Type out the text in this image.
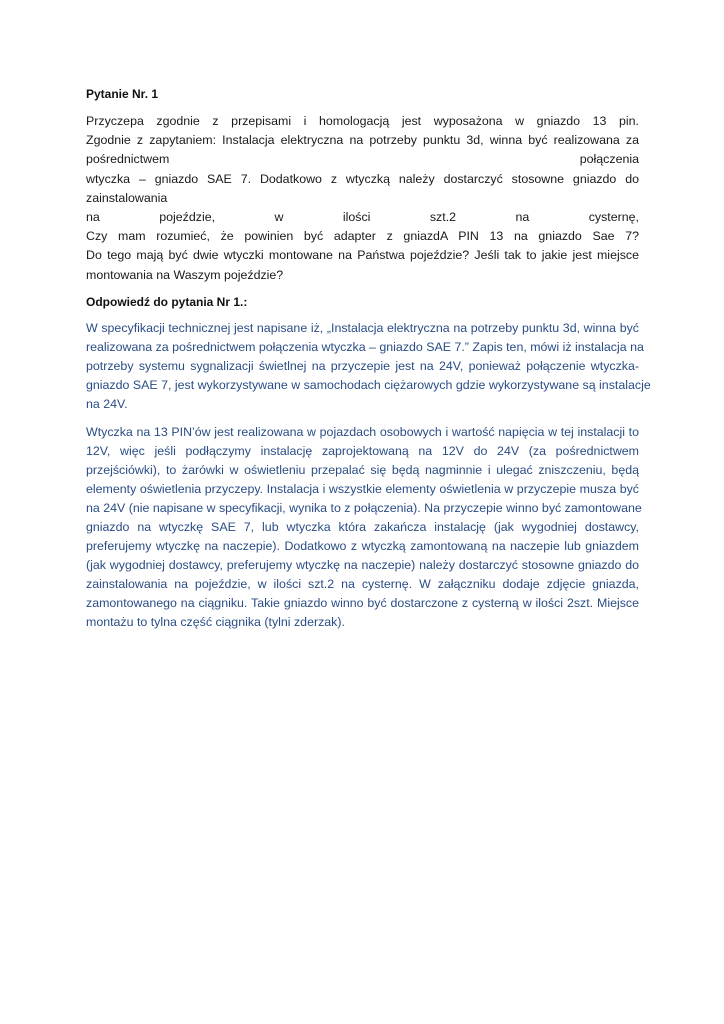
Pytanie Nr. 1
Przyczepa zgodnie z przepisami i homologacją jest wyposażona w gniazdo 13 pin.
Zgodnie z zapytaniem: Instalacja elektryczna na potrzeby punktu 3d, winna być realizowana za
pośrednictwem połączenia
wtyczka – gniazdo SAE 7. Dodatkowo z wtyczką należy dostarczyć stosowne gniazdo do
zainstalowania
na pojeździe, w ilości szt.2 na cysternę,
Czy mam rozumieć, że powinien być adapter z gniazdA PIN 13 na gniazdo Sae 7?
Do tego mają być dwie wtyczki montowane na Państwa pojeździe? Jeśli tak to jakie jest miejsce
montowania na Waszym pojeździe?
Odpowiedź do pytania Nr 1.:
W specyfikacji technicznej jest napisane iż, „Instalacja elektryczna na potrzeby punktu 3d, winna być
realizowana za pośrednictwem połączenia wtyczka – gniazdo SAE 7.” Zapis ten, mówi iż instalacja na
potrzeby systemu sygnalizacji świetlnej na przyczepie jest na 24V, ponieważ połączenie wtyczka-
gniazdo SAE 7, jest wykorzystywane w samochodach ciężarowych gdzie wykorzystywane są instalacje
na 24V.
Wtyczka na 13 PIN’ów jest realizowana w pojazdach osobowych i wartość napięcia w tej instalacji to
12V, więc jeśli podłączymy instalację zaprojektowaną na 12V do 24V (za pośrednictwem
przejściówki), to żarówki w oświetleniu przepalać się będą nagminnie i ulegać zniszczeniu, będą
elementy oświetlenia przyczepy. Instalacja i wszystkie elementy oświetlenia w przyczepie musza być
na 24V (nie napisane w specyfikacji, wynika to z połączenia). Na przyczepie winno być zamontowane
gniazdo na wtyczkę SAE 7, lub wtyczka która zakańcza instalację (jak wygodniej dostawcy,
preferujemy wtyczkę na naczepie). Dodatkowo z wtyczką zamontowaną na naczepie lub gniazdem
(jak wygodniej dostawcy, preferujemy wtyczkę na naczepie) należy dostarczyć stosowne gniazdo do
zainstalowania na pojeździe, w ilości szt.2 na cysternę. W załączniku dodaje zdjęcie gniazda,
zamontowanego na ciągniku. Takie gniazdo winno być dostarczone z cysterną w ilości 2szt. Miejsce
montażu to tylna część ciągnika (tylni zderzak).
